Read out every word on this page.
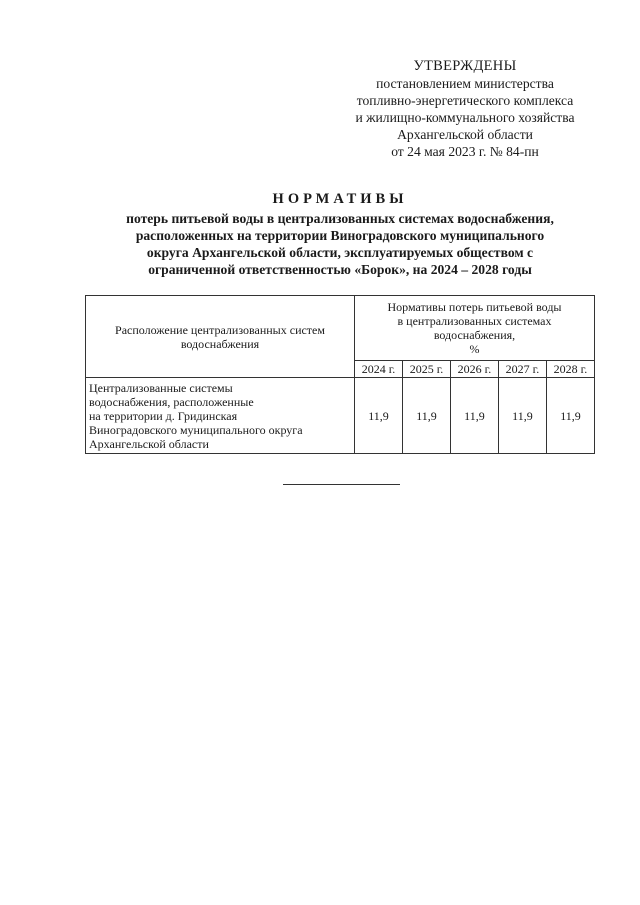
УТВЕРЖДЕНЫ
постановлением министерства
топливно-энергетического комплекса
и жилищно-коммунального хозяйства
Архангельской области
от 24 мая 2023 г. № 84-пн
НОРМАТИВЫ
потерь питьевой воды в централизованных системах водоснабжения,
расположенных на территории Виноградовского муниципального
округа Архангельской области, эксплуатируемых обществом с
ограниченной ответственностью «Борок», на 2024 – 2028 годы
Расположение централизованных систем водоснабжения	Нормативы потерь питьевой воды
в централизованных системах
водоснабжения,
%				

	2024 г.	2025 г.	2026 г.	2027 г.	2028 г.

Централизованные системы
водоснабжения, расположенные
на территории д. Гридинская
Виноградовского муниципального округа
Архангельской области	11,9	11,9	11,9	11,9	11,9
